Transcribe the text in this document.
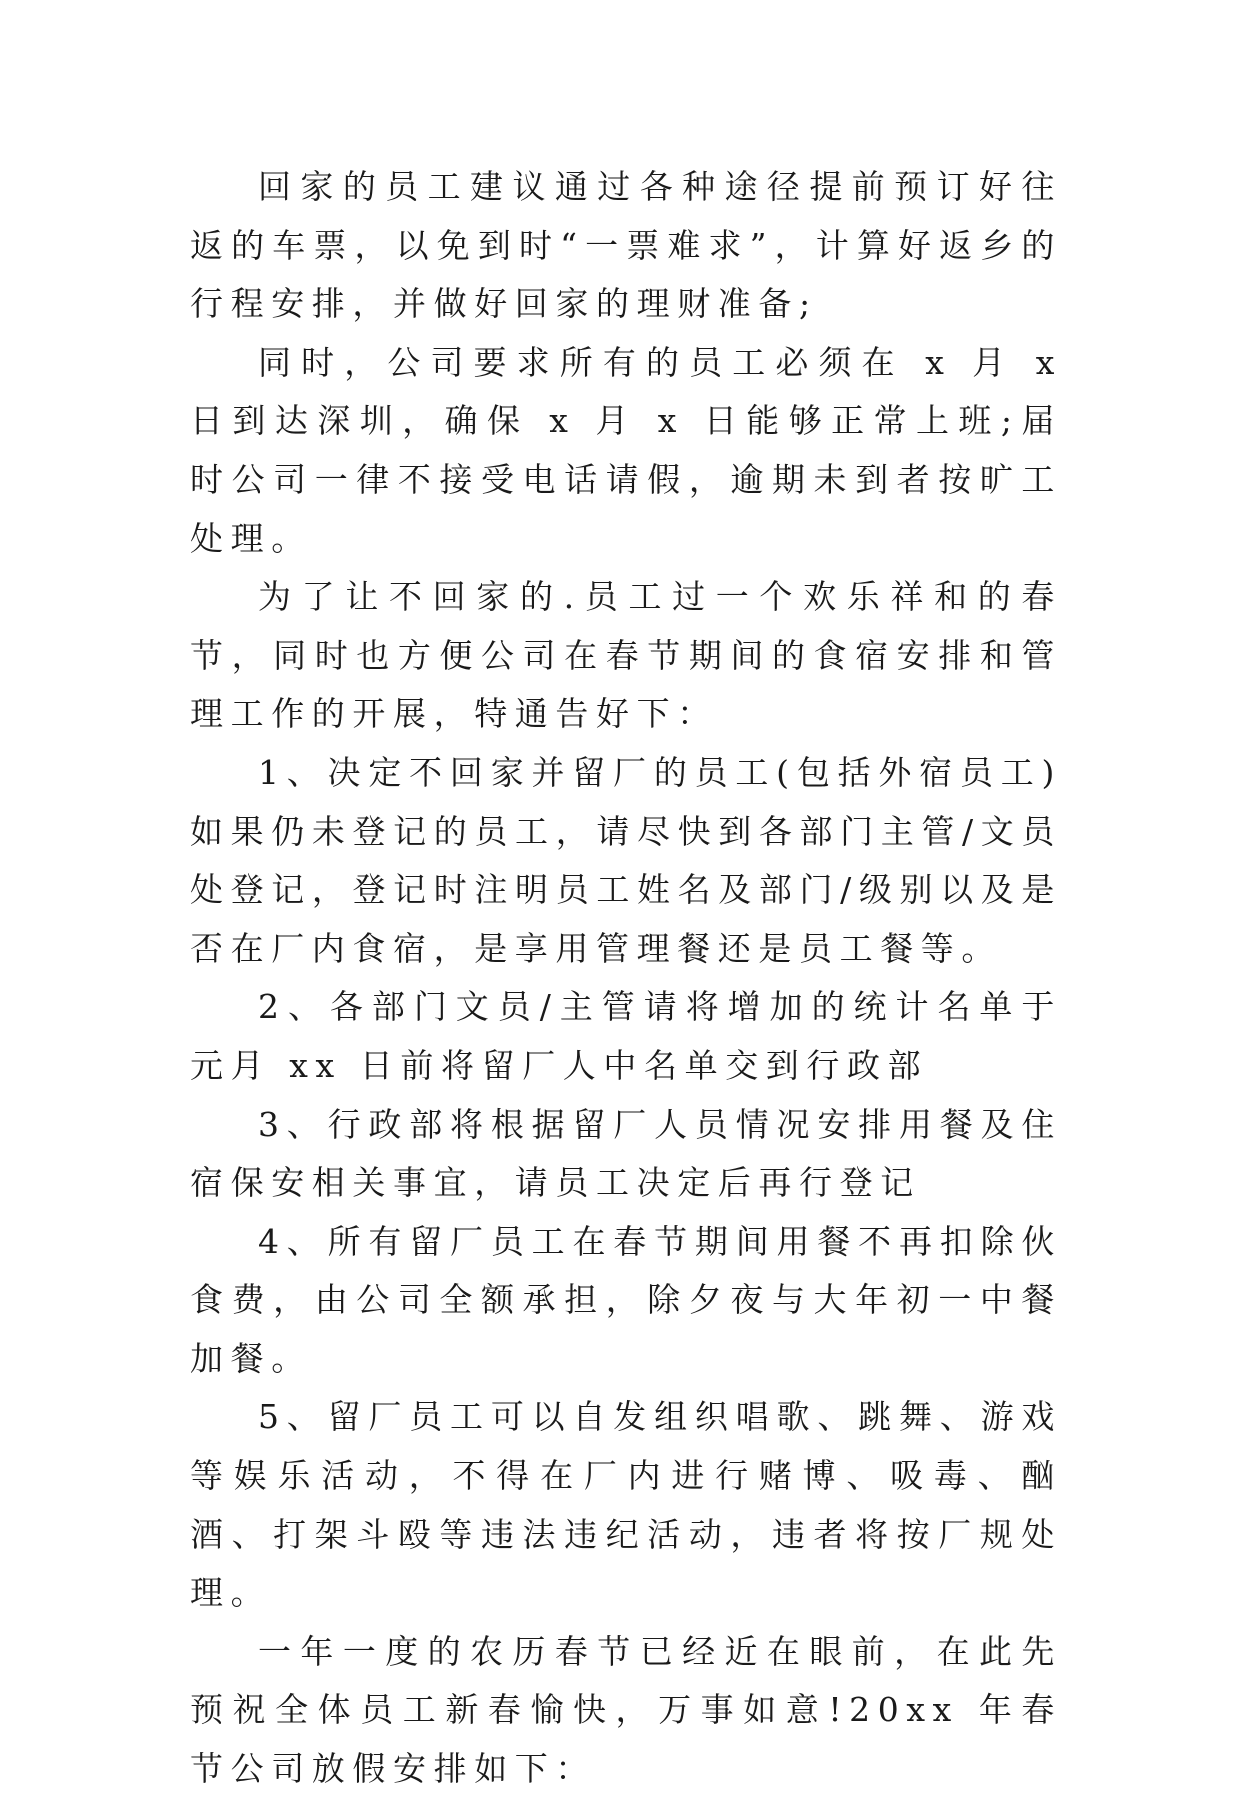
回家的员工建议通过各种途径提前预订好往返的车票，以免到时“一票难求”，计算好返乡的行程安排，并做好回家的理财准备;

同时，公司要求所有的员工必须在 x 月 x 日到达深圳，确保 x 月 x 日能够正常上班;届时公司一律不接受电话请假，逾期未到者按旷工处理。

为了让不回家的.员工过一个欢乐祥和的春节，同时也方便公司在春节期间的食宿安排和管理工作的开展，特通告好下：

1、决定不回家并留厂的员工(包括外宿员工)如果仍未登记的员工，请尽快到各部门主管/文员处登记，登记时注明员工姓名及部门/级别以及是否在厂内食宿，是享用管理餐还是员工餐等。

2、各部门文员/主管请将增加的统计名单于元月 xx 日前将留厂人中名单交到行政部

3、行政部将根据留厂人员情况安排用餐及住宿保安相关事宜，请员工决定后再行登记

4、所有留厂员工在春节期间用餐不再扣除伙食费，由公司全额承担，除夕夜与大年初一中餐加餐。

5、留厂员工可以自发组织唱歌、跳舞、游戏等娱乐活动，不得在厂内进行赌博、吸毒、酗酒、打架斗殴等违法违纪活动，违者将按厂规处理。

一年一度的农历春节已经近在眼前，在此先预祝全体员工新春愉快，万事如意!20xx 年春节公司放假安排如下：
